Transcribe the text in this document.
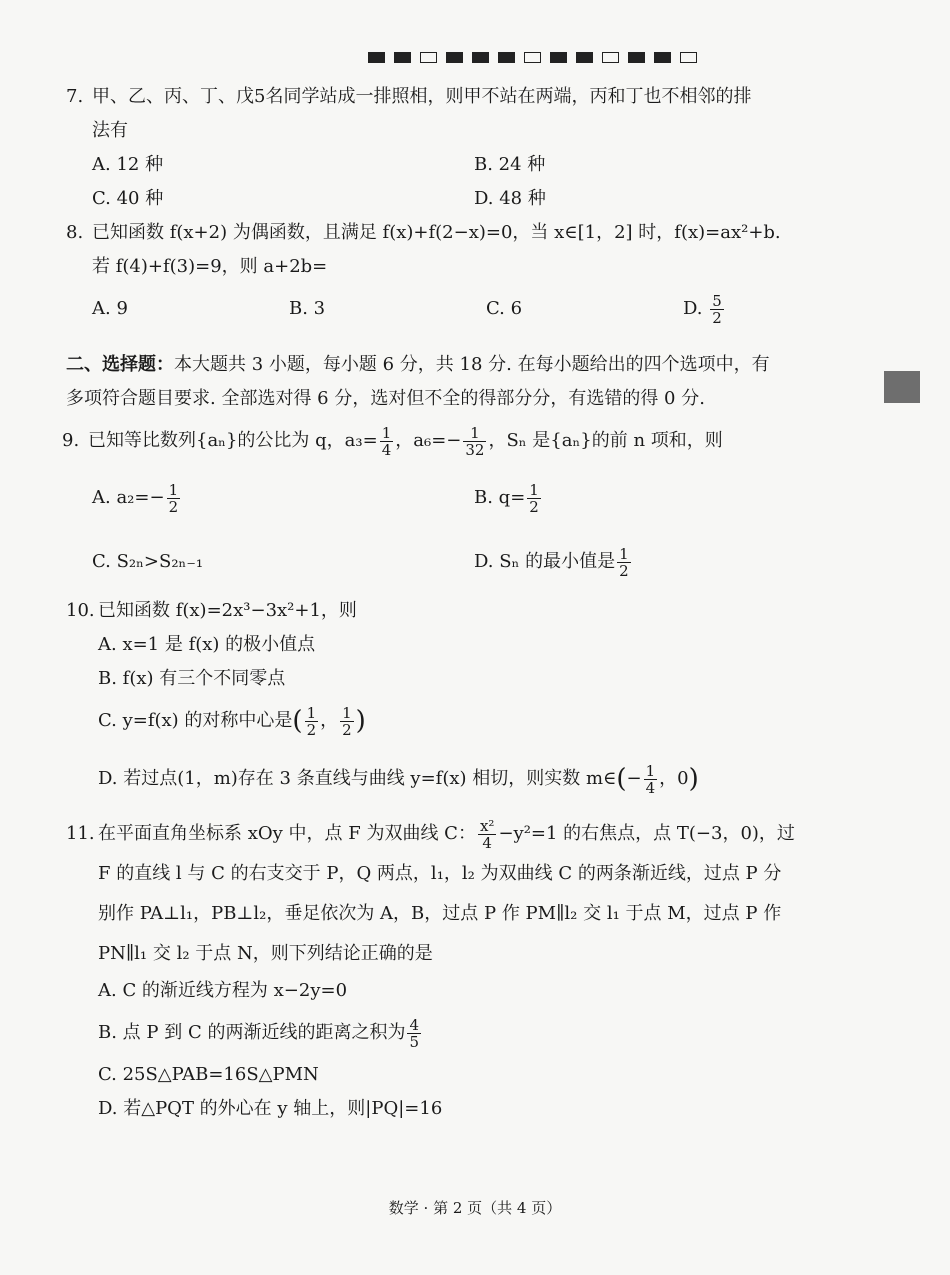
7. 甲、乙、丙、丁、戊5名同学站成一排照相，则甲不站在两端，丙和丁也不相邻的排
法有
A. 12 种	B. 24 种
C. 40 种	D. 48 种
8. 已知函数 f(x+2) 为偶函数，且满足 f(x)+f(2−x)=0，当 x∈[1，2] 时，f(x)=ax²+b.
若 f(4)+f(3)=9，则 a+2b=
A. 9	B. 3	C. 6	D. $\frac{5}{2}$
二、选择题：本大题共 3 小题，每小题 6 分，共 18 分. 在每小题给出的四个选项中，有
多项符合题目要求. 全部选对得 6 分，选对但不全的得部分分，有选错的得 0 分.
9. 已知等比数列{aₙ}的公比为 q，$a_3= \frac{1}{4}$ ，$a_6=- \frac{1}{32}$ ，Sₙ 是{aₙ}的前 n 项和，则
A. $a_2=- \frac{1}{2}$	B. $q= \frac{1}{2}$
C. S₂ₙ>S₂ₙ₋₁	D. Sₙ 的最小值是 $\frac{1}{2}$
10. 已知函数 f(x)=2x³−3x²+1，则
A. x=1 是 f(x) 的极小值点
B. f(x) 有三个不同零点
C. y=f(x) 的对称中心是( $\frac{1}{2}$ ， $\frac{1}{2}$ )
D. 若过点(1，m)存在 3 条直线与曲线 y=f(x) 相切，则实数 m∈(− $\frac{1}{4}$ ，0)
11. 在平面直角坐标系 xOy 中，点 F 为双曲线 C： $\frac{\text{x²}}{4} -y^2=1$ 的右焦点，点 T(−3，0)，过
F 的直线 l 与 C 的右支交于 P，Q 两点，l₁，l₂ 为双曲线 C 的两条渐近线，过点 P 分
别作 PA⊥l₁，PB⊥l₂，垂足依次为 A，B，过点 P 作 PM∥l₂ 交 l₁ 于点 M，过点 P 作
PN∥l₁ 交 l₂ 于点 N，则下列结论正确的是
A. C 的渐近线方程为 x−2y=0
B. 点 P 到 C 的两渐近线的距离之积为 $\frac{4}{5}$
C. 25S△PAB=16S△PMN
D. 若△PQT 的外心在 y 轴上，则|PQ|=16
数学 · 第 2 页（共 4 页）
